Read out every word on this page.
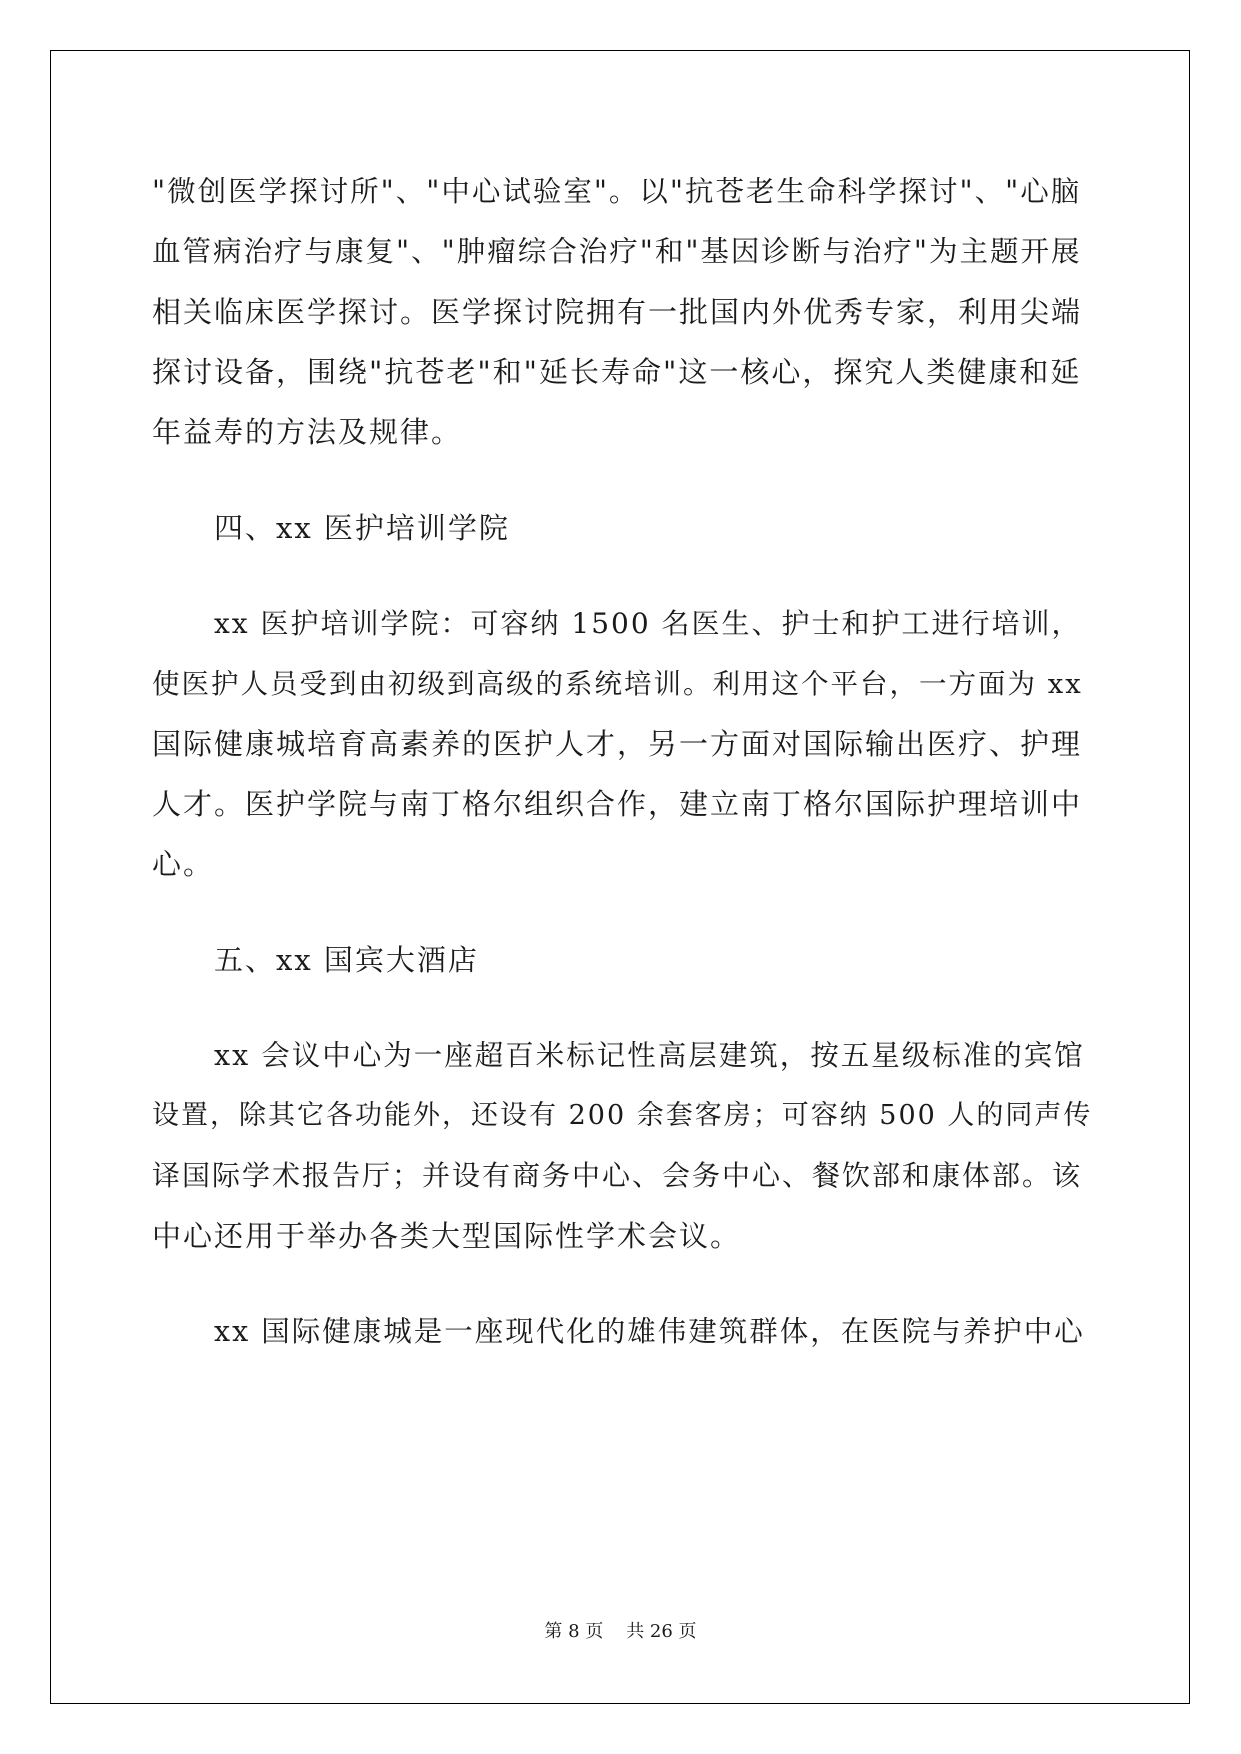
"微创医学探讨所"、"中心试验室"。以"抗苍老生命科学探讨"、"心脑
血管病治疗与康复"、"肿瘤综合治疗"和"基因诊断与治疗"为主题开展
相关临床医学探讨。医学探讨院拥有一批国内外优秀专家，利用尖端
探讨设备，围绕"抗苍老"和"延长寿命"这一核心，探究人类健康和延
年益寿的方法及规律。
四、xx 医护培训学院
xx 医护培训学院：可容纳 1500 名医生、护士和护工进行培训，
使医护人员受到由初级到高级的系统培训。利用这个平台，一方面为 xx
国际健康城培育高素养的医护人才，另一方面对国际输出医疗、护理
人才。医护学院与南丁格尔组织合作，建立南丁格尔国际护理培训中
心。
五、xx 国宾大酒店
xx 会议中心为一座超百米标记性高层建筑，按五星级标准的宾馆
设置，除其它各功能外，还设有 200 余套客房；可容纳 500 人的同声传
译国际学术报告厅；并设有商务中心、会务中心、餐饮部和康体部。该
中心还用于举办各类大型国际性学术会议。
xx 国际健康城是一座现代化的雄伟建筑群体，在医院与养护中心
第 8 页    共 26 页
